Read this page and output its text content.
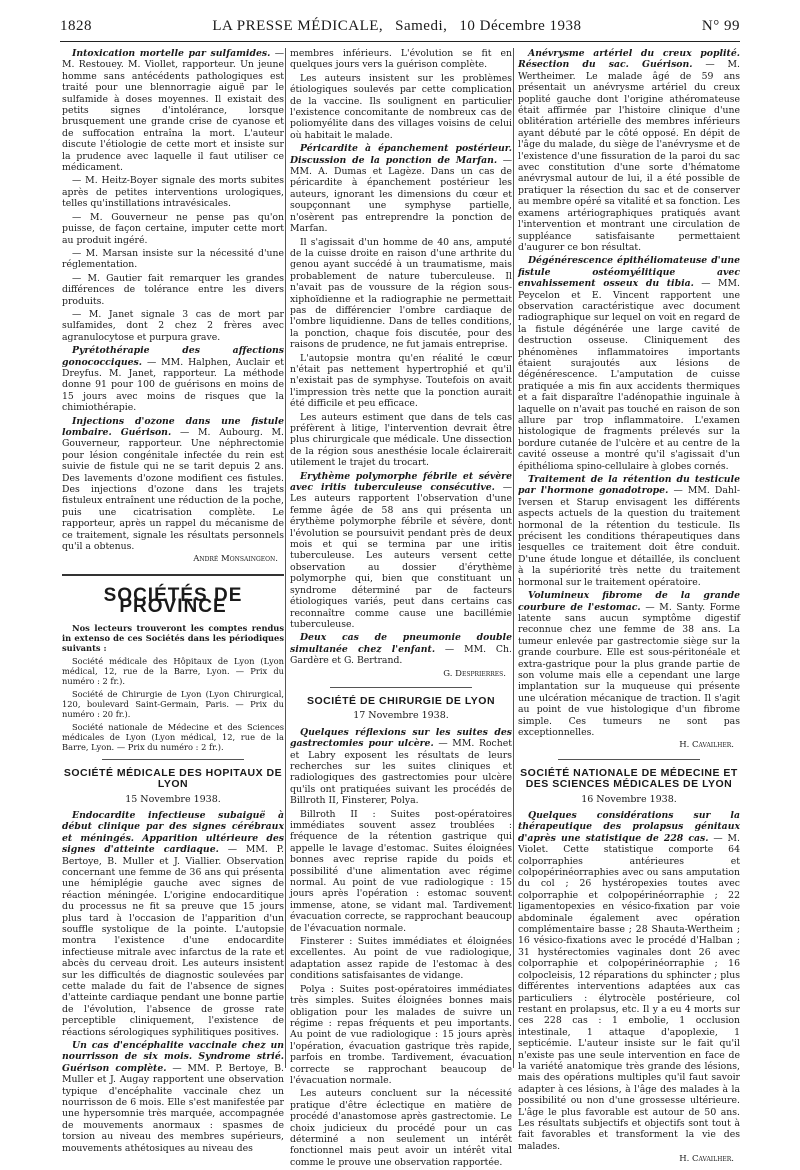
1828	LA PRESSE MÉDICALE, Samedi, 10 Décembre 1938	N° 99

Intoxication mortelle par sulfamides. — M. Restouey. M. Viollet, rapporteur. Un jeune homme sans antécédents pathologiques est traité pour une blennorragie aiguë par le sulfamide à doses moyennes. Il existait des petits signes d'intolérance, lorsque brusquement une grande crise de cyanose et de suffocation entraîna la mort. L'auteur discute l'étiologie de cette mort et insiste sur la prudence avec laquelle il faut utiliser ce médicament.

— M. Heitz-Boyer signale des morts subites après de petites interventions urologiques, telles qu'instillations intravésicales.

— M. Gouverneur ne pense pas qu'on puisse, de façon certaine, imputer cette mort au produit ingéré.

— M. Marsan insiste sur la nécessité d'une réglementation.

— M. Gautier fait remarquer les grandes différences de tolérance entre les divers produits.

— M. Janet signale 3 cas de mort par sulfamides, dont 2 chez 2 frères avec agranulocytose et purpura grave.

Pyrétothérapie des affections gonococciques. — MM. Halphen, Auclair et Dreyfus. M. Janet, rapporteur. La méthode donne 91 pour 100 de guérisons en moins de 15 jours avec moins de risques que la chimiothérapie.

Injections d'ozone dans une fistule lombaire. Guérison. — M. Aubourg. M. Gouverneur, rapporteur. Une néphrectomie pour lésion congénitale infectée du rein est suivie de fistule qui ne se tarit depuis 2 ans. Des lavements d'ozone modifient ces fistules. Des injections d'ozone dans les trajets fistuleux entraînent une réduction de la poche, puis une cicatrisation complète. Le rapporteur, après un rappel du mécanisme de ce traitement, signale les résultats personnels qu'il a obtenus.

André Monsaingeon.
SOCIÉTÉS DE PROVINCE

Nos lecteurs trouveront les comptes rendus in extenso de ces Sociétés dans les périodiques suivants :

Société médicale des Hôpitaux de Lyon (Lyon médical, 12, rue de la Barre, Lyon. — Prix du numéro : 2 fr.).

Société de Chirurgie de Lyon (Lyon Chirurgical, 120, boulevard Saint-Germain, Paris. — Prix du numéro : 20 fr.).

Société nationale de Médecine et des Sciences médicales de Lyon (Lyon médical, 12, rue de la Barre, Lyon. — Prix du numéro : 2 fr.).

SOCIÉTÉ MÉDICALE DES HOPITAUX DE LYON
15 Novembre 1938.

Endocardite infectieuse subaiguë à début clinique par des signes cérébraux et méningés. Apparition ultérieure des signes d'atteinte cardiaque. — MM. P. Bertoye, B. Muller et J. Viallier. Observation concernant une femme de 36 ans qui présenta une hémiplégie gauche avec signes de réaction méningée. L'origine endocarditique du processus ne fit sa preuve que 15 jours plus tard à l'occasion de l'apparition d'un souffle systolique de la pointe. L'autopsie montra l'existence d'une endocardite infectieuse mitrale avec infarctus de la rate et abcès du cerveau droit. Les auteurs insistent sur les difficultés de diagnostic soulevées par cette malade du fait de l'absence de signes d'atteinte cardiaque pendant une bonne partie de l'évolution, l'absence de grosse rate perceptible cliniquement, l'existence de réactions sérologiques syphilitiques positives.

Un cas d'encéphalite vaccinale chez un nourrisson de six mois. Syndrome strié. Guérison complète. — MM. P. Bertoye, B. Muller et J. Augay rapportent une observation typique d'encéphalite vaccinale chez un nourrisson de 6 mois. Elle s'est manifestée par une hypersomnie très marquée, accompagnée de mouvements anormaux : spasmes de torsion au niveau des membres supérieurs, mouvements athétosiques au niveau des

membres inférieurs. L'évolution se fit en quelques jours vers la guérison complète.

Les auteurs insistent sur les problèmes étiologiques soulevés par cette complication de la vaccine. Ils soulignent en particulier l'existence concomitante de nombreux cas de poliomyélite dans des villages voisins de celui où habitait le malade.

Péricardite à épanchement postérieur. Discussion de la ponction de Marfan. — MM. A. Dumas et Lagèze. Dans un cas de péricardite à épanchement postérieur les auteurs, ignorant les dimensions du cœur et soupçonnant une symphyse partielle, n'osèrent pas entreprendre la ponction de Marfan.

Il s'agissait d'un homme de 40 ans, amputé de la cuisse droite en raison d'une arthrite du genou ayant succédé à un traumatisme, mais probablement de nature tuberculeuse. Il n'avait pas de voussure de la région sous-xiphoïdienne et la radiographie ne permettait pas de différencier l'ombre cardiaque de l'ombre liquidienne. Dans de telles conditions, la ponction, chaque fois discutée, pour des raisons de prudence, ne fut jamais entreprise.

L'autopsie montra qu'en réalité le cœur n'était pas nettement hypertrophié et qu'il n'existait pas de symphyse. Toutefois on avait l'impression très nette que la ponction aurait été difficile et peu efficace.

Les auteurs estiment que dans de tels cas préfèrent à litige, l'intervention devrait être plus chirurgicale que médicale. Une dissection de la région sous anesthésie locale éclairerait utilement le trajet du trocart.

Erythème polymorphe fébrile et sévère avec iritis tuberculeuse consécutive. — Les auteurs rapportent l'observation d'une femme âgée de 58 ans qui présenta un érythème polymorphe fébrile et sévère, dont l'évolution se poursuivit pendant près de deux mois et qui se termina par une iritis tuberculeuse. Les auteurs versent cette observation au dossier d'érythème polymorphe qui, bien que constituant un syndrome déterminé par de facteurs étiologiques variés, peut dans certains cas reconnaître comme cause une bacillémie tuberculeuse.

Deux cas de pneumonie double simultanée chez l'enfant. — MM. Ch. Gardère et G. Bertrand.

G. Desprierres.
SOCIÉTÉ DE CHIRURGIE DE LYON
17 Novembre 1938.

Quelques réflexions sur les suites des gastrectomies pour ulcère. — MM. Rochet et Labry exposent les résultats de leurs recherches sur les suites cliniques et radiologiques des gastrectomies pour ulcère qu'ils ont pratiquées suivant les procédés de Billroth II, Finsterer, Polya.

Billroth II : Suites post-opératoires immédiates souvent assez troublées : fréquence de la rétention gastrique qui appelle le lavage d'estomac. Suites éloignées bonnes avec reprise rapide du poids et possibilité d'une alimentation avec régime normal. Au point de vue radiologique : 15 jours après l'opération : estomac souvent immense, atone, se vidant mal. Tardivement évacuation correcte, se rapprochant beaucoup de l'évacuation normale.

Finsterer : Suites immédiates et éloignées excellentes. Au point de vue radiologique, adaptation assez rapide de l'estomac à des conditions satisfaisantes de vidange.

Polya : Suites post-opératoires immédiates très simples. Suites éloignées bonnes mais obligation pour les malades de suivre un régime : repas fréquents et peu importants. Au point de vue radiologique : 15 jours après l'opération, évacuation gastrique très rapide, parfois en trombe. Tardivement, évacuation correcte se rapprochant beaucoup de l'évacuation normale.

Les auteurs concluent sur la nécessité pratique d'être éclectique en matière de procédé d'anastomose après gastrectomie. Le choix judicieux du procédé pour un cas déterminé a non seulement un intérêt fonctionnel mais peut avoir un intérêt vital comme le prouve une observation rapportée.

Anévrysme artériel du creux poplité. Résection du sac. Guérison. — M. Wertheimer. Le malade âgé de 59 ans présentait un anévrysme artériel du creux poplité gauche dont l'origine athéromateuse était affirmée par l'histoire clinique d'une oblitération artérielle des membres inférieurs ayant débuté par le côté opposé. En dépit de l'âge du malade, du siège de l'anévrysme et de l'existence d'une fissuration de la paroi du sac avec constitution d'une sorte d'hématome anévrysmal autour de lui, il a été possible de pratiquer la résection du sac et de conserver au membre opéré sa vitalité et sa fonction. Les examens artériographiques pratiqués avant l'intervention et montrant une circulation de suppléance satisfaisante permettaient d'augurer ce bon résultat.

Dégénérescence épithéliomateuse d'une fistule ostéomyélitique avec envahissement osseux du tibia. — MM. Peycelon et E. Vincent rapportent une observation caractéristique avec document radiographique sur lequel on voit en regard de la fistule dégénérée une large cavité de destruction osseuse. Cliniquement des phénomènes inflammatoires importants étaient surajoutés aux lésions de dégénérescence. L'amputation de cuisse pratiquée a mis fin aux accidents thermiques et a fait disparaître l'adénopathie inguinale à laquelle on n'avait pas touché en raison de son allure par trop inflammatoire. L'examen histologique de fragments prélevés sur la bordure cutanée de l'ulcère et au centre de la cavité osseuse a montré qu'il s'agissait d'un épithélioma spino-cellulaire à globes cornés.

Traitement de la rétention du testicule par l'hormone gonadotrope. — MM. Dahl-Iversen et Starup envisagent les différents aspects actuels de la question du traitement hormonal de la rétention du testicule. Ils précisent les conditions thérapeutiques dans lesquelles ce traitement doit être conduit. D'une étude longue et détaillée, ils concluent à la supériorité très nette du traitement hormonal sur le traitement opératoire.

Volumineux fibrome de la grande courbure de l'estomac. — M. Santy. Forme latente sans aucun symptôme digestif reconnue chez une femme de 38 ans. La tumeur enlevée par gastrectomie siège sur la grande courbure. Elle est sous-péritonéale et extra-gastrique pour la plus grande partie de son volume mais elle a cependant une large implantation sur la muqueuse qui présente une ulcération mécanique de traction. Il s'agit au point de vue histologique d'un fibrome simple. Ces tumeurs ne sont pas exceptionnelles.

H. Cavailher.
SOCIÉTÉ NATIONALE DE MÉDECINE ET DES SCIENCES MÉDICALES DE LYON
16 Novembre 1938.

Quelques considérations sur la thérapeutique des prolapsus génitaux d'après une statistique de 228 cas. — M. Violet. Cette statistique comporte 64 colporraphies antérieures et colpopérinéorraphies avec ou sans amputation du col ; 26 hystéropexies toutes avec colporraphie et colpopérinéorraphie ; 22 ligamentopexies en vésico-fixation par voie abdominale également avec opération complémentaire basse ; 28 Shauta-Wertheim ; 16 vésico-fixations avec le procédé d'Halban ; 31 hystérectomies vaginales dont 26 avec colporraphie et colpopérinéorraphie ; 16 colpocleisis, 12 réparations du sphincter ; plus différentes interventions adaptées aux cas particuliers : élytrocèle postérieure, col restant en prolapsus, etc. Il y a eu 4 morts sur ces 228 cas : 1 embolie, 1 occlusion intestinale, 1 attaque d'apoplexie, 1 septicémie. L'auteur insiste sur le fait qu'il n'existe pas une seule intervention en face de la variété anatomique très grande des lésions, mais des opérations multiples qu'il faut savoir adapter à ces lésions, à l'âge des malades à la possibilité ou non d'une grossesse ultérieure. L'âge le plus favorable est autour de 50 ans. Les résultats subjectifs et objectifs sont tout à fait favorables et transforment la vie des malades.

H. Cavailher.
